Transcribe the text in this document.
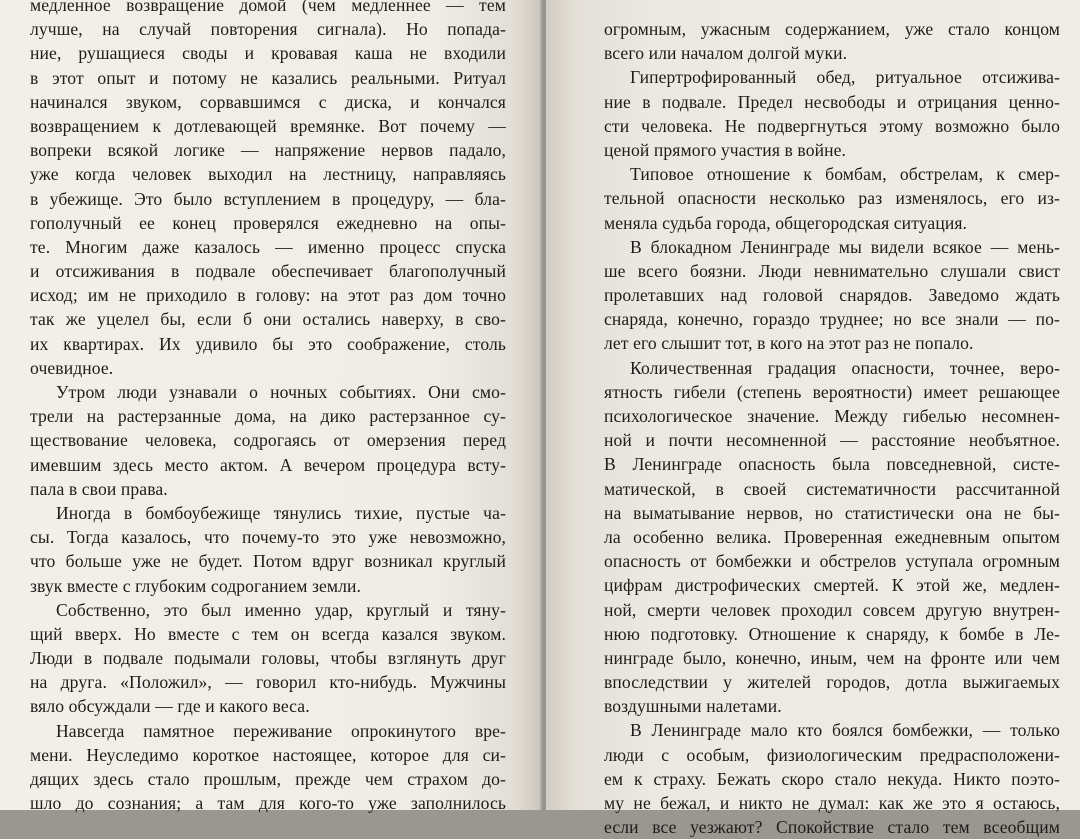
медленное возвращение домой (чем медленнее — тем
лучше, на случай повторения сигнала). Но попада-
ние, рушащиеся своды и кровавая каша не входили
в этот опыт и потому не казались реальными. Ритуал
начинался звуком, сорвавшимся с диска, и кончался
возвращением к дотлевающей времянке. Вот почему —
вопреки всякой логике — напряжение нервов падало,
уже когда человек выходил на лестницу, направляясь
в убежище. Это было вступлением в процедуру, — бла-
гополучный ее конец проверялся ежедневно на опы-
те. Многим даже казалось — именно процесс спуска
и отсиживания в подвале обеспечивает благополучный
исход; им не приходило в голову: на этот раз дом точно
так же уцелел бы, если б они остались наверху, в сво-
их квартирах. Их удивило бы это соображение, столь
очевидное.
Утром люди узнавали о ночных событиях. Они смо-
трели на растерзанные дома, на дико растерзанное су-
ществование человека, содрогаясь от омерзения перед
имевшим здесь место актом. А вечером процедура всту-
пала в свои права.
Иногда в бомбоубежище тянулись тихие, пустые ча-
сы. Тогда казалось, что почему-то это уже невозможно,
что больше уже не будет. Потом вдруг возникал круглый
звук вместе с глубоким содроганием земли.
Собственно, это был именно удар, круглый и тяну-
щий вверх. Но вместе с тем он всегда казался звуком.
Люди в подвале подымали головы, чтобы взглянуть друг
на друга. «Положил», — говорил кто-нибудь. Мужчины
вяло обсуждали — где и какого веса.
Навсегда памятное переживание опрокинутого вре-
мени. Неуследимо короткое настоящее, которое для си-
дящих здесь стало прошлым, прежде чем страхом до-
шло до сознания; а там для кого-то уже заполнилось
огромным, ужасным содержанием, уже стало концом
всего или началом долгой муки.
Гипертрофированный обед, ритуальное отсижива-
ние в подвале. Предел несвободы и отрицания ценно-
сти человека. Не подвергнуться этому возможно было
ценой прямого участия в войне.
Типовое отношение к бомбам, обстрелам, к смер-
тельной опасности несколько раз изменялось, его из-
меняла судьба города, общегородская ситуация.
В блокадном Ленинграде мы видели всякое — мень-
ше всего боязни. Люди невнимательно слушали свист
пролетавших над головой снарядов. Заведомо ждать
снаряда, конечно, гораздо труднее; но все знали — по-
лет его слышит тот, в кого на этот раз не попало.
Количественная градация опасности, точнее, веро-
ятность гибели (степень вероятности) имеет решающее
психологическое значение. Между гибелью несомнен-
ной и почти несомненной — расстояние необъятное.
В Ленинграде опасность была повседневной, систе-
матической, в своей систематичности рассчитанной
на выматывание нервов, но статистически она не бы-
ла особенно велика. Проверенная ежедневным опытом
опасность от бомбежки и обстрелов уступала огромным
цифрам дистрофических смертей. К этой же, медлен-
ной, смерти человек проходил совсем другую внутрен-
нюю подготовку. Отношение к снаряду, к бомбе в Ле-
нинграде было, конечно, иным, чем на фронте или чем
впоследствии у жителей городов, дотла выжигаемых
воздушными налетами.
В Ленинграде мало кто боялся бомбежки, — только
люди с особым, физиологическим предрасположени-
ем к страху. Бежать скоро стало некуда. Никто поэто-
му не бежал, и никто не думал: как же это я остаюсь,
если все уезжают? Спокойствие стало тем всеобщим
